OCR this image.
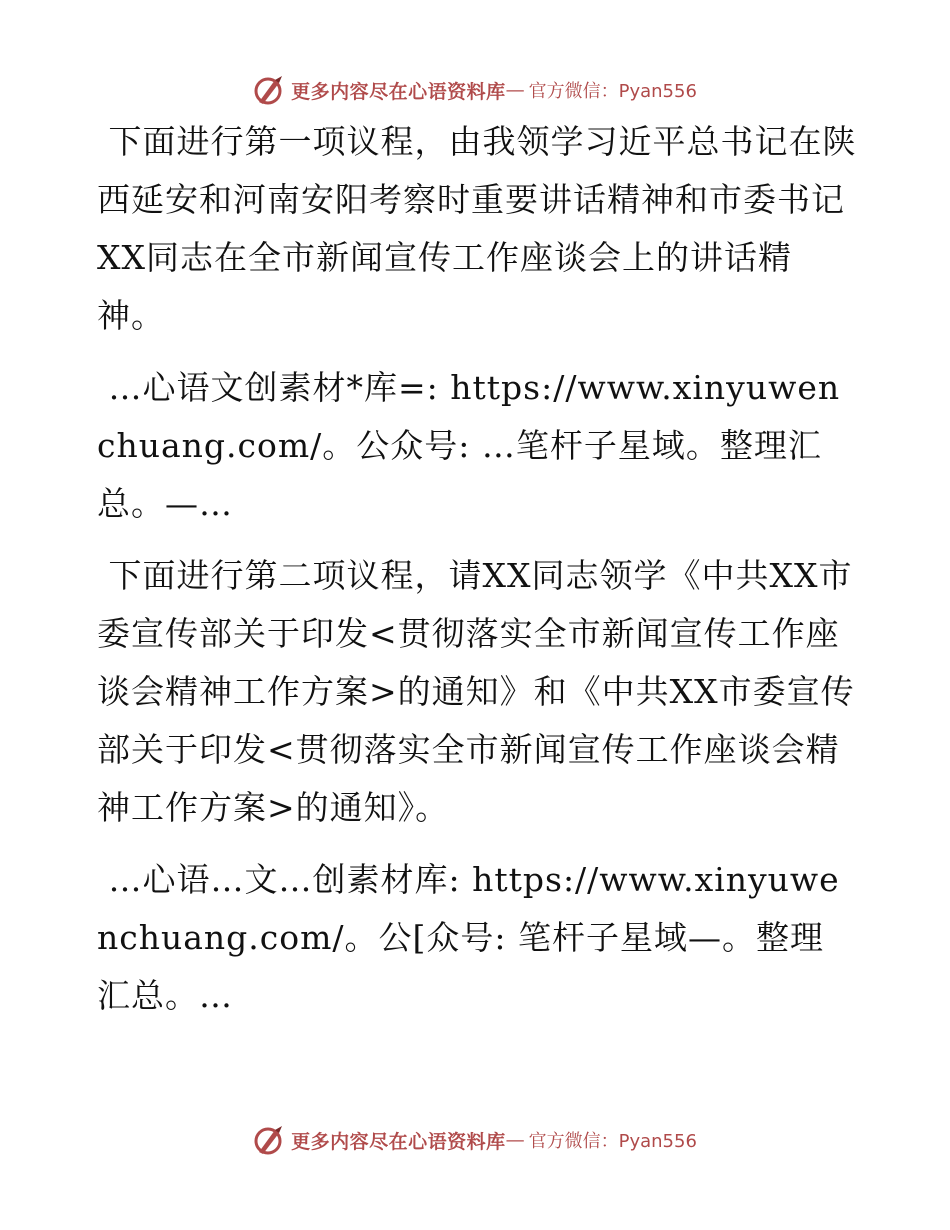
更多内容尽在心语资料库 — 官方微信：Pyan556

下面进行第一项议程，由我领学习近平总书记在陕西延安和河南安阳考察时重要讲话精神和市委书记XX同志在全市新闻宣传工作座谈会上的讲话精神。

…心语文创素材*库=: https://www.xinyuwenchuang.com/。公众号: …笔杆子星域。整理汇总。—…

下面进行第二项议程，请XX同志领学《中共XX市委宣传部关于印发<贯彻落实全市新闻宣传工作座谈会精神工作方案>的通知》和《中共XX市委宣传部关于印发<贯彻落实全市新闻宣传工作座谈会精神工作方案>的通知》。

…心语…文…创素材库: https://www.xinyuwenchuang.com/。公[众号: 笔杆子星域—。整理汇总。…

更多内容尽在心语资料库 — 官方微信：Pyan556
